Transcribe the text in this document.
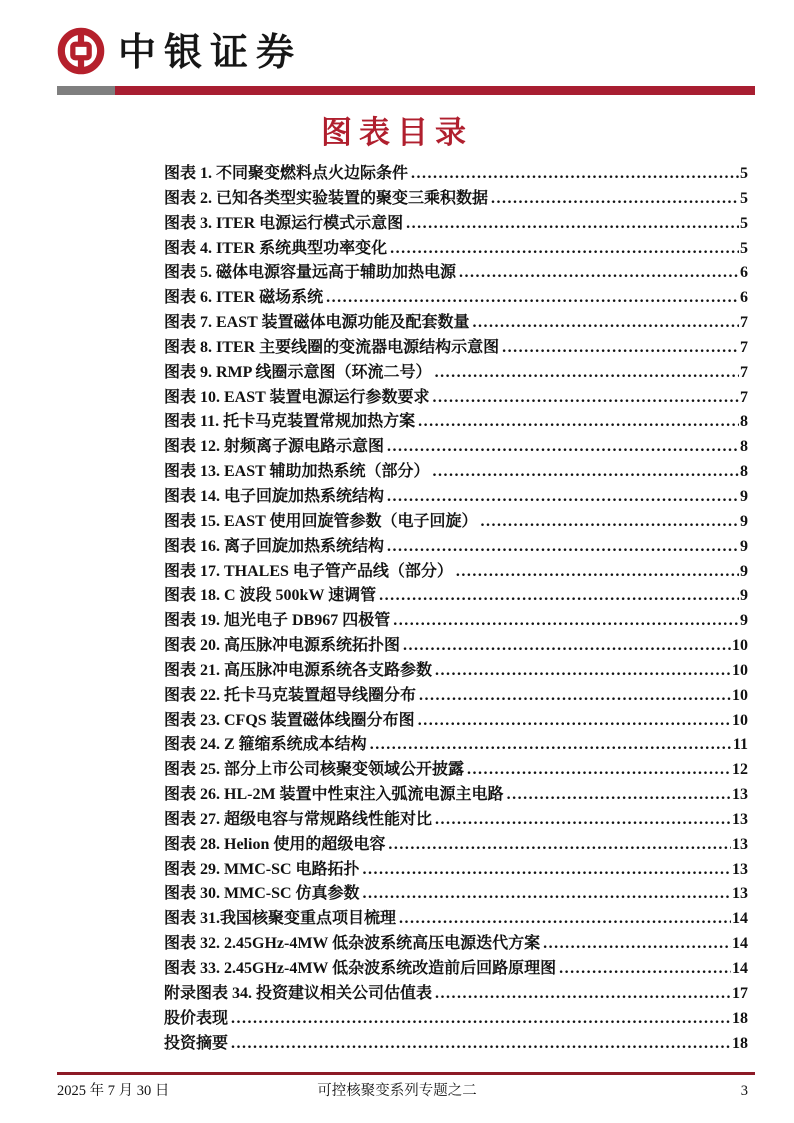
中银证券
图表目录
图表 1. 不同聚变燃料点火边际条件 .....	5
图表 2. 已知各类型实验装置的聚变三乘积数据 .....	5
图表 3. ITER 电源运行模式示意图 .....	5
图表 4. ITER 系统典型功率变化 .....	5
图表 5. 磁体电源容量远高于辅助加热电源 .....	6
图表 6. ITER 磁场系统 .....	6
图表 7. EAST 装置磁体电源功能及配套数量 .....	7
图表 8. ITER 主要线圈的变流器电源结构示意图 .....	7
图表 9. RMP 线圈示意图（环流二号） .....	7
图表 10. EAST 装置电源运行参数要求 .....	7
图表 11. 托卡马克装置常规加热方案 .....	8
图表 12. 射频离子源电路示意图 .....	8
图表 13. EAST 辅助加热系统（部分） .....	8
图表 14. 电子回旋加热系统结构 .....	9
图表 15. EAST 使用回旋管参数（电子回旋） .....	9
图表 16. 离子回旋加热系统结构 .....	9
图表 17. THALES 电子管产品线（部分） .....	9
图表 18. C 波段 500kW 速调管 .....	9
图表 19. 旭光电子 DB967 四极管 .....	9
图表 20. 高压脉冲电源系统拓扑图 .....	10
图表 21. 高压脉冲电源系统各支路参数 .....	10
图表 22. 托卡马克装置超导线圈分布 .....	10
图表 23. CFQS 装置磁体线圈分布图 .....	10
图表 24. Z 箍缩系统成本结构 .....	11
图表 25. 部分上市公司核聚变领域公开披露 .....	12
图表 26. HL-2M 装置中性束注入弧流电源主电路 .....	13
图表 27. 超级电容与常规路线性能对比 .....	13
图表 28. Helion 使用的超级电容 .....	13
图表 29. MMC-SC 电路拓扑 .....	13
图表 30. MMC-SC 仿真参数 .....	13
图表 31.我国核聚变重点项目梳理 .....	14
图表 32. 2.45GHz-4MW 低杂波系统高压电源迭代方案 .....	14
图表 33. 2.45GHz-4MW 低杂波系统改造前后回路原理图 .....	14
附录图表 34. 投资建议相关公司估值表 .....	17
股价表现 .....	18
投资摘要 .....	18
2025 年 7 月 30 日	可控核聚变系列专题之二	3
